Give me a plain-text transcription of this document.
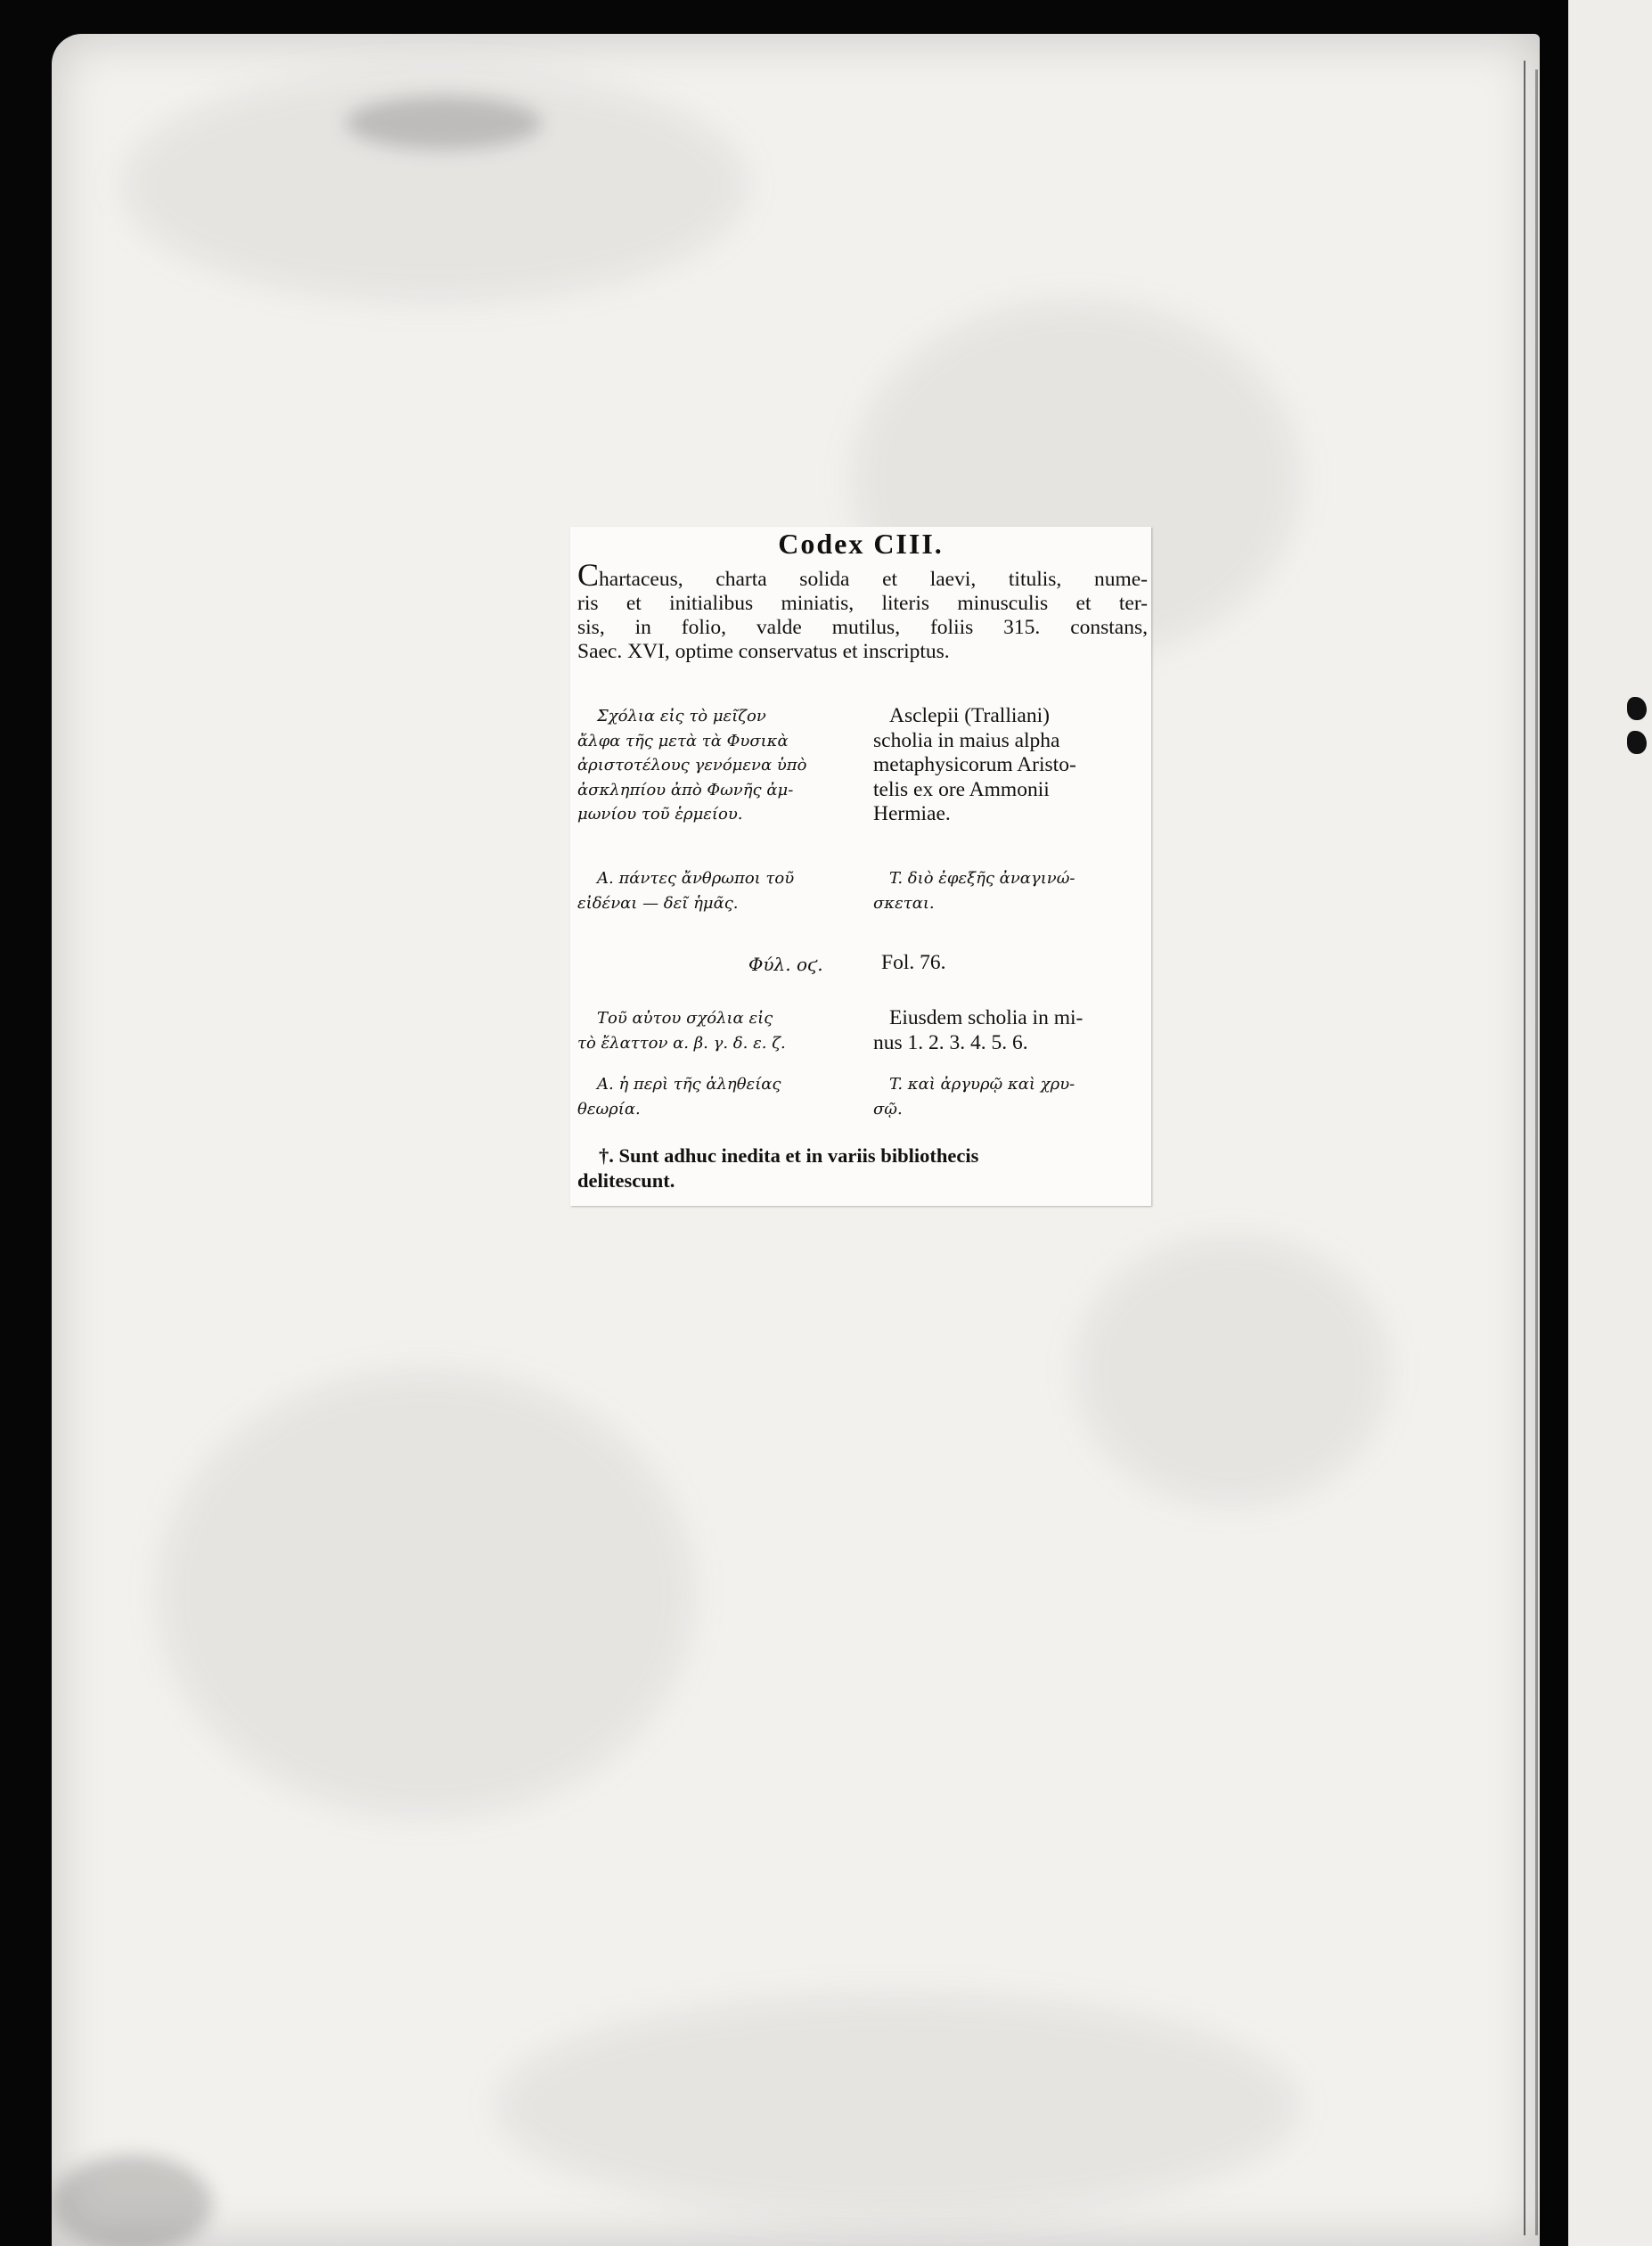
Codex CIII.
Chartaceus, charta solida et laevi, titulis, nume-
ris et initialibus miniatis, literis minusculis et ter-
sis, in folio, valde mutilus, foliis 315. constans,
Saec. XVI, optime conservatus et inscriptus.
Σχόλια εἰς τὸ μεῖζον
ἄλφα τῆς μετὰ τὰ Φυσικὰ
ἀριστοτέλους γενόμενα ὑπὸ
ἀσκληπίου ἀπὸ Φωνῆς ἀμ-
μωνίου τοῦ ἑρμείου.
Asclepii (Tralliani)
scholia in maius alpha
metaphysicorum Aristo-
telis ex ore Ammonii
Hermiae.
A. πάντες ἄνθρωποι τοῦ
εἰδέναι — δεῖ ἡμᾶς.
T. διὸ ἐφεξῆς ἀναγινώ-
σκεται.
Φύλ. οϛ.	Fol. 76.
Τοῦ αὐτου σχόλια εἰς
τὸ ἔλαττον α. β. γ. δ. ε. ζ.
Eiusdem scholia in mi-
nus 1. 2. 3. 4. 5. 6.
A. ἡ περὶ τῆς ἀληθείας
θεωρία.
T. καὶ ἀργυρῷ καὶ χρυ-
σῷ.
†. Sunt adhuc inedita et in variis bibliothecis
delitescunt.
